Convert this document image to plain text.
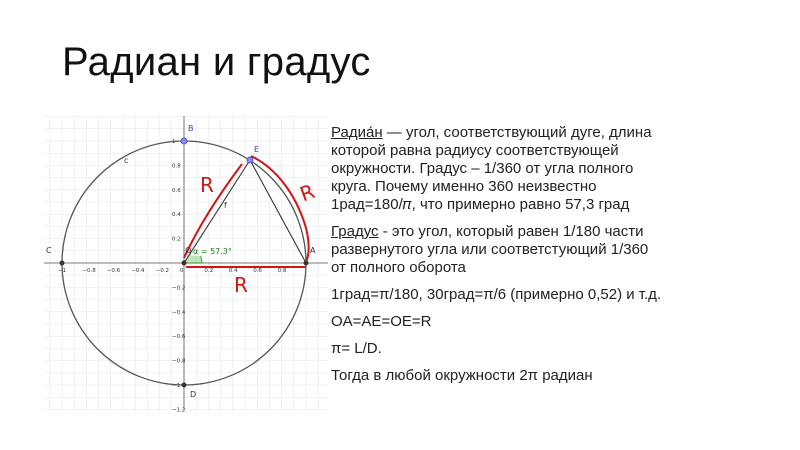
Радиан и градус
−1	−0.8 −0.6 −0.4 −0.2 0	0.2	0.4	0.6	0.8
1
0.8
0.6
0.4
0.2
−0.2
−0.4
−0.6
−0.8
−1
−1.2
c
α = 57.3°
f
R	R
R
A
B
C
D
E
O

Радиа́н — угол, соответствующий дуге, длина
которой равна радиусу соответствующей
окружности. Градус – 1/360 от угла полного
круга. Почему именно 360 неизвестно
1рад=180/𝜋, что примерно равно 57,3 град

Градус - это угол, который равен 1/180 части
развернутого угла или соответстующий 1/360
от полного оборота

1град=π/180, 30град=π/6 (примерно 0,52) и т.д.

OA=AE=OE=R

π= L/D.

Тогда в любой окружности 2π радиан
